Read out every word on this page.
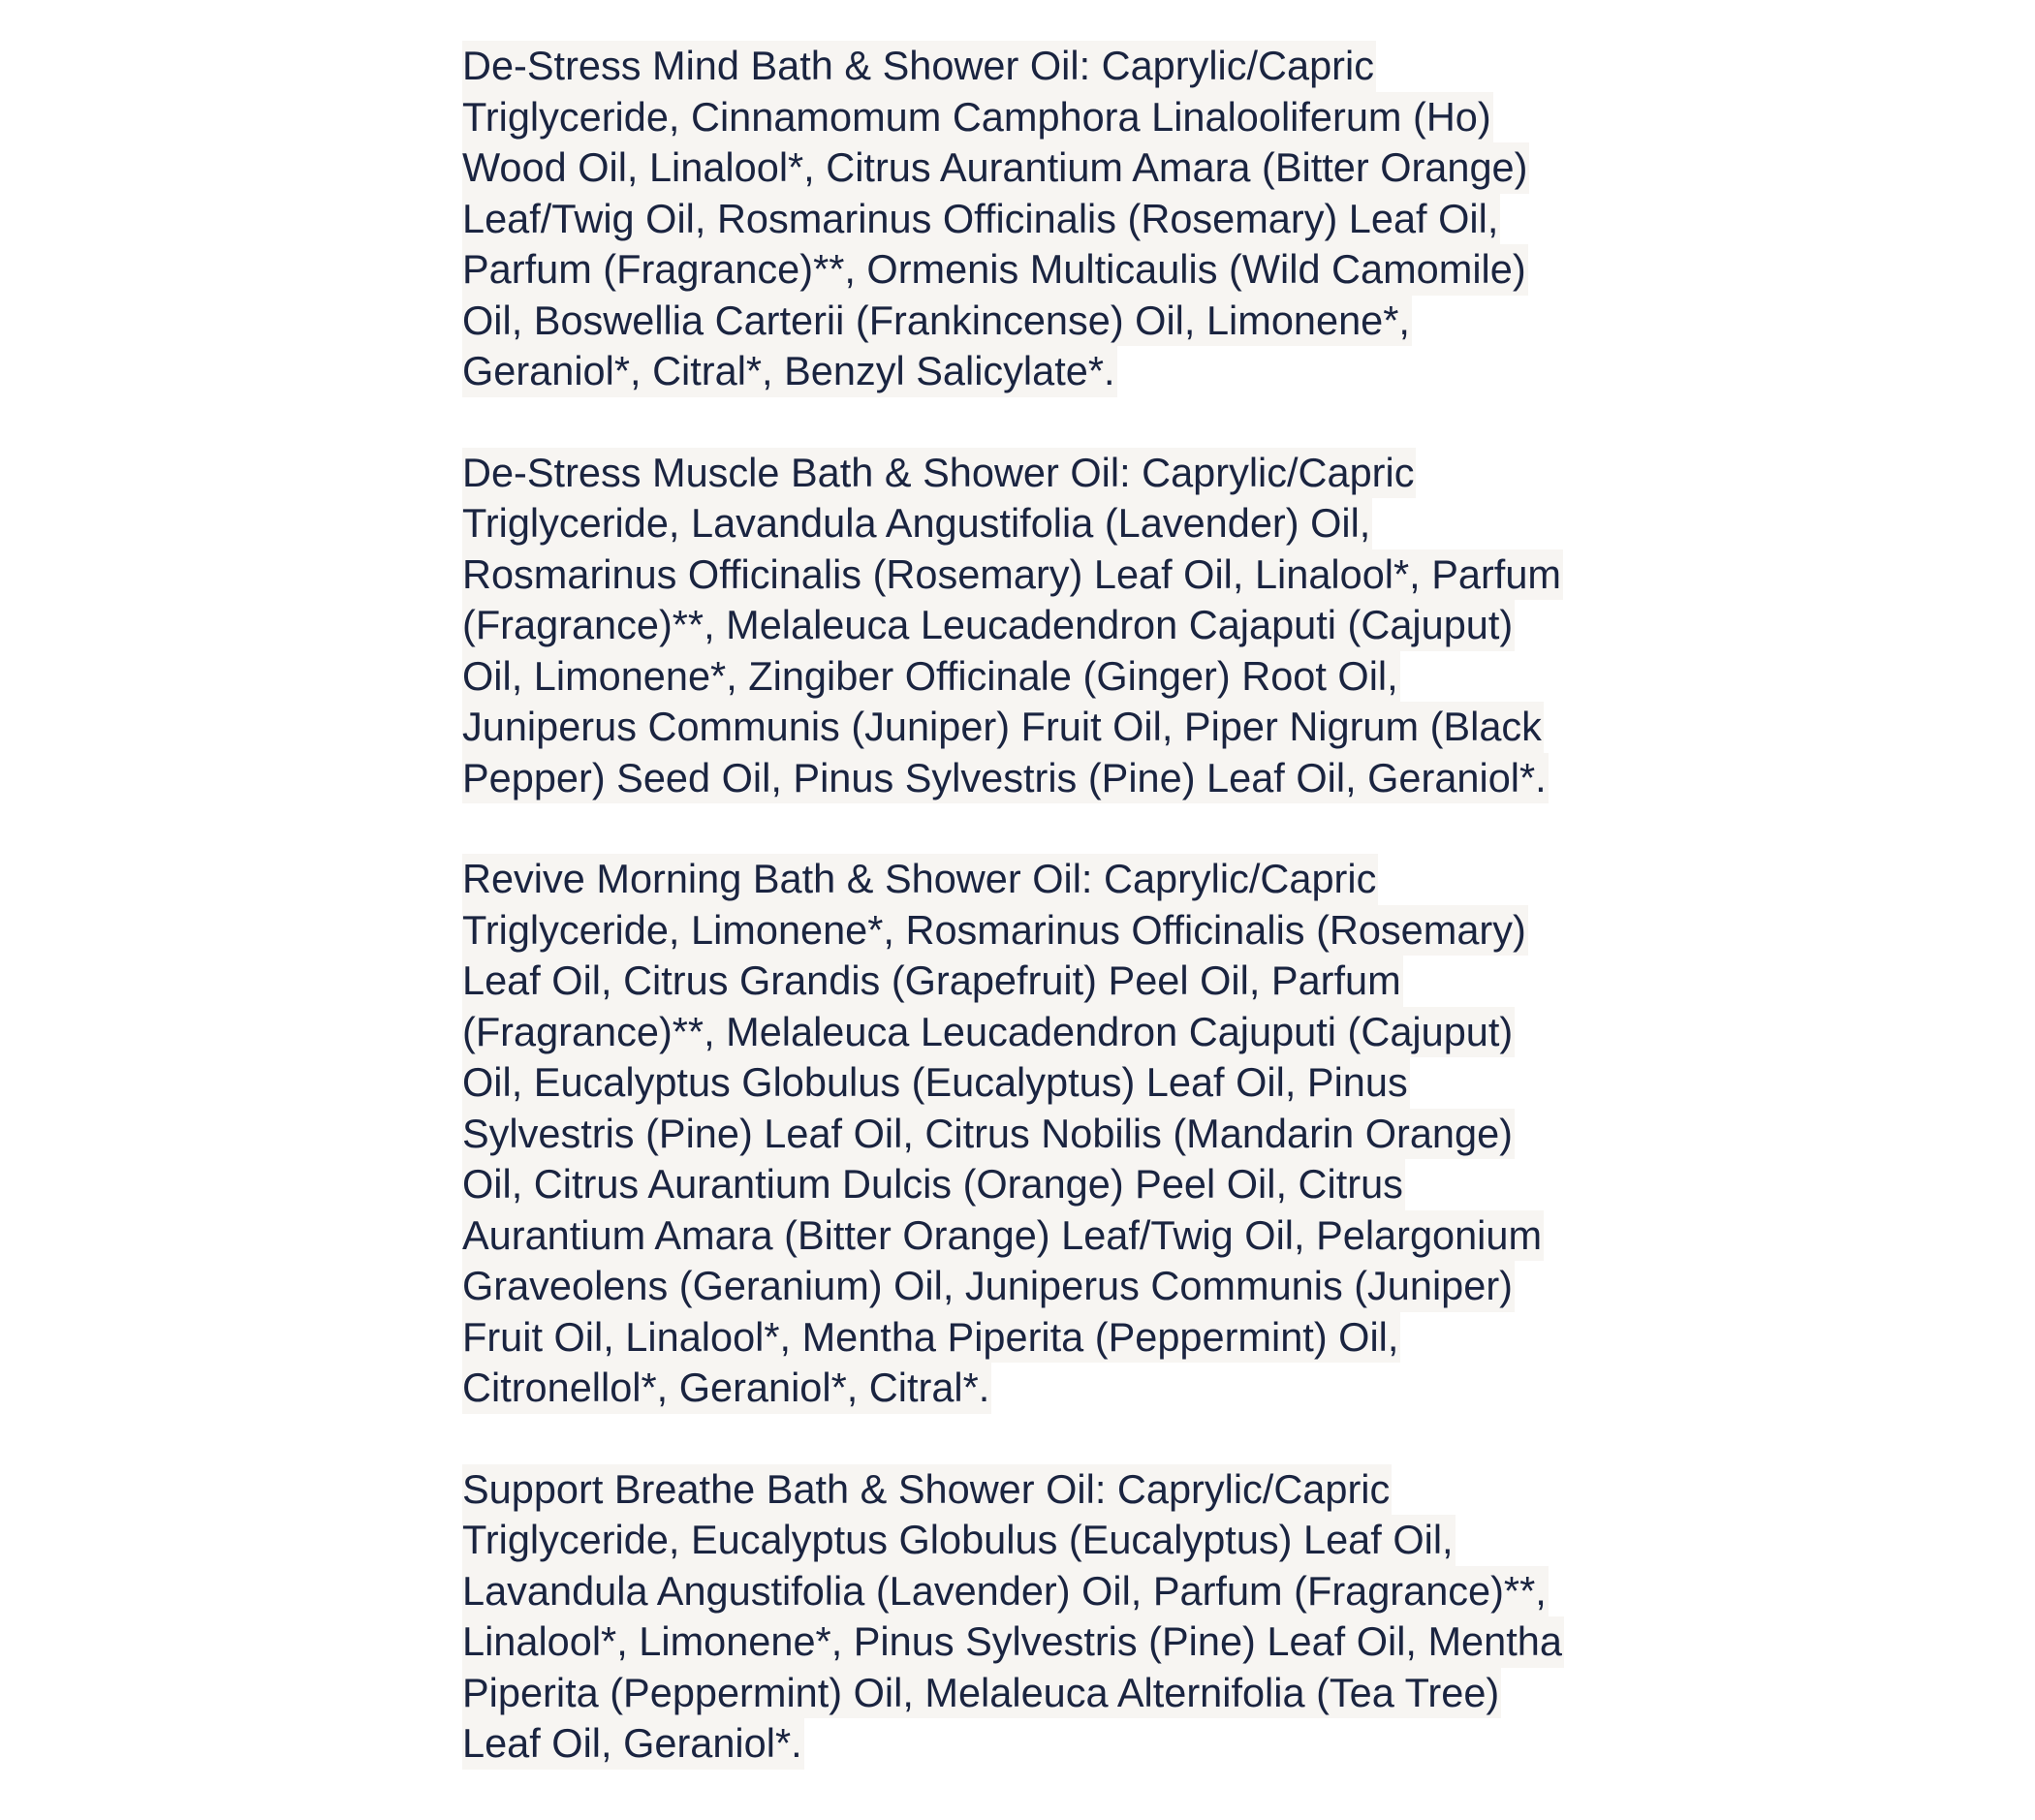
De-Stress Mind Bath & Shower Oil: Caprylic/Capric
Triglyceride, Cinnamomum Camphora Linalooliferum (Ho)
Wood Oil, Linalool*, Citrus Aurantium Amara (Bitter Orange)
Leaf/Twig Oil, Rosmarinus Officinalis (Rosemary) Leaf Oil,
Parfum (Fragrance)**, Ormenis Multicaulis (Wild Camomile)
Oil, Boswellia Carterii (Frankincense) Oil, Limonene*,
Geraniol*, Citral*, Benzyl Salicylate*.

De-Stress Muscle Bath & Shower Oil: Caprylic/Capric
Triglyceride, Lavandula Angustifolia (Lavender) Oil,
Rosmarinus Officinalis (Rosemary) Leaf Oil, Linalool*, Parfum
(Fragrance)**, Melaleuca Leucadendron Cajaputi (Cajuput)
Oil, Limonene*, Zingiber Officinale (Ginger) Root Oil,
Juniperus Communis (Juniper) Fruit Oil, Piper Nigrum (Black
Pepper) Seed Oil, Pinus Sylvestris (Pine) Leaf Oil, Geraniol*.

Revive Morning Bath & Shower Oil: Caprylic/Capric
Triglyceride, Limonene*, Rosmarinus Officinalis (Rosemary)
Leaf Oil, Citrus Grandis (Grapefruit) Peel Oil, Parfum
(Fragrance)**, Melaleuca Leucadendron Cajuputi (Cajuput)
Oil, Eucalyptus Globulus (Eucalyptus) Leaf Oil, Pinus
Sylvestris (Pine) Leaf Oil, Citrus Nobilis (Mandarin Orange)
Oil, Citrus Aurantium Dulcis (Orange) Peel Oil, Citrus
Aurantium Amara (Bitter Orange) Leaf/Twig Oil, Pelargonium
Graveolens (Geranium) Oil, Juniperus Communis (Juniper)
Fruit Oil, Linalool*, Mentha Piperita (Peppermint) Oil,
Citronellol*, Geraniol*, Citral*.

Support Breathe Bath & Shower Oil: Caprylic/Capric
Triglyceride, Eucalyptus Globulus (Eucalyptus) Leaf Oil,
Lavandula Angustifolia (Lavender) Oil, Parfum (Fragrance)**,
Linalool*, Limonene*, Pinus Sylvestris (Pine) Leaf Oil, Mentha
Piperita (Peppermint) Oil, Melaleuca Alternifolia (Tea Tree)
Leaf Oil, Geraniol*.
